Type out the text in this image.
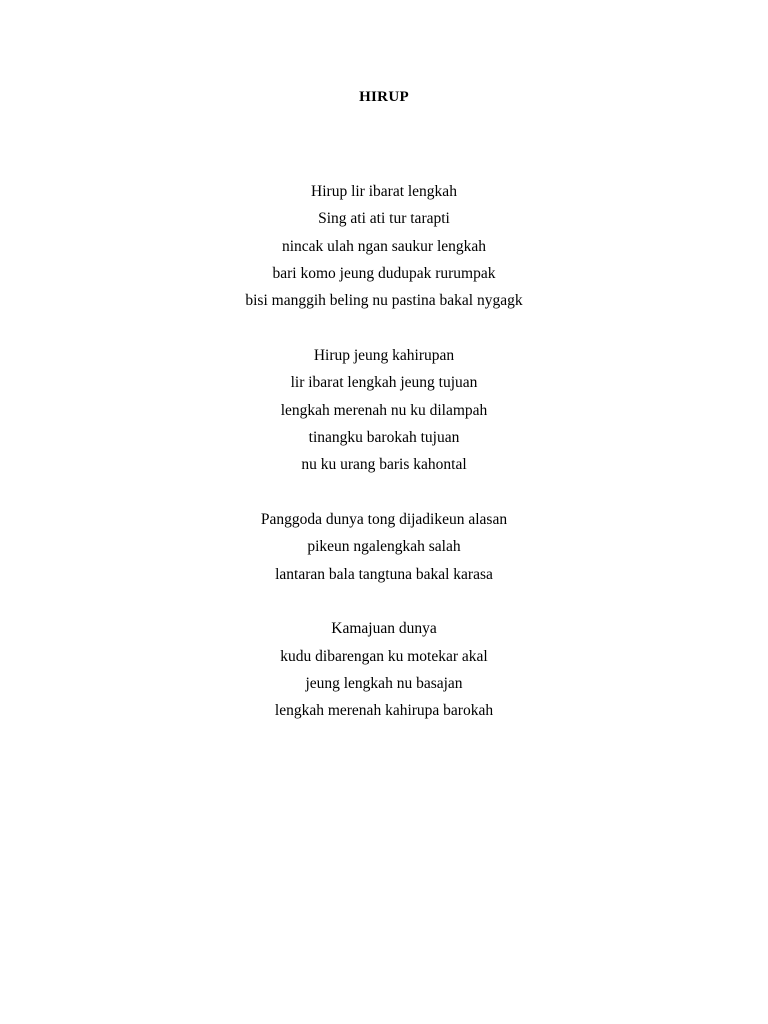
HIRUP
Hirup lir ibarat lengkah
Sing ati ati tur tarapti
nincak ulah ngan saukur lengkah
bari komo jeung dudupak rurumpak
bisi manggih beling nu pastina bakal nygagk
Hirup jeung kahirupan
lir ibarat lengkah jeung tujuan
lengkah merenah nu ku dilampah
tinangku barokah tujuan
nu ku urang baris kahontal
Panggoda dunya tong dijadikeun alasan
pikeun ngalengkah salah
lantaran bala tangtuna bakal karasa
Kamajuan dunya
kudu dibarengan ku motekar akal
jeung lengkah nu basajan
lengkah merenah kahirupa barokah
